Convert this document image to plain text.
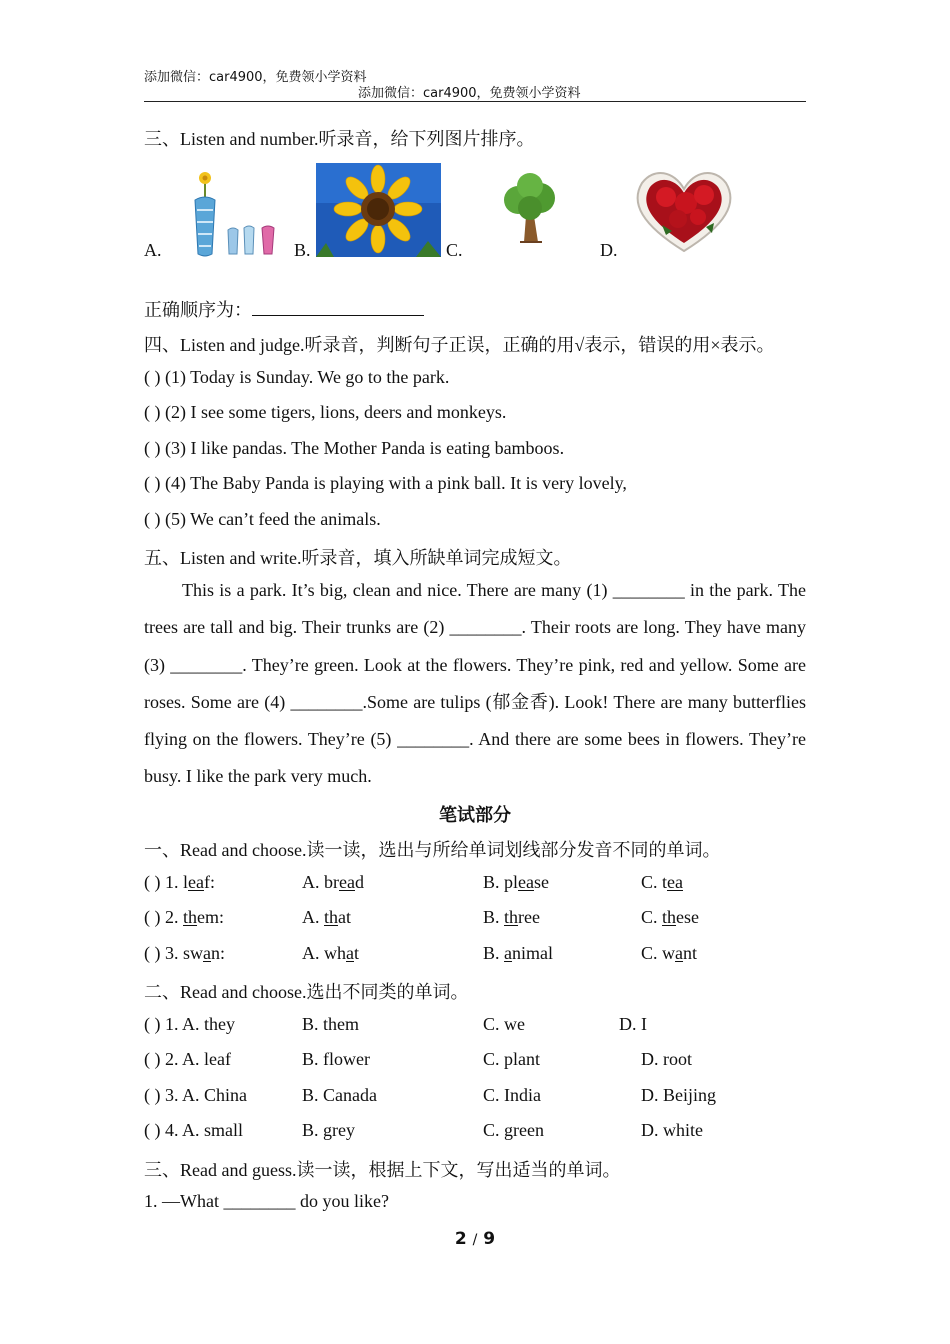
添加微信：car4900，免费领小学资料
添加微信：car4900，免费领小学资料
三、Listen and number.听录音，给下列图片排序。
A.	B.	C.	D.
正确顺序为：
四、Listen and judge.听录音，判断句子正误，正确的用√表示，错误的用×表示。
( ) (1) Today is Sunday. We go to the park.
( ) (2) I see some tigers, lions, deers and monkeys.
( ) (3) I like pandas. The Mother Panda is eating bamboos.
( ) (4) The Baby Panda is playing with a pink ball. It is very lovely,
( ) (5) We can’t feed the animals.
五、Listen and write.听录音，填入所缺单词完成短文。
This is a park. It’s big, clean and nice. There are many (1) ________ in the park. The trees are tall and big. Their trunks are (2) ________. Their roots are long. They have many (3) ________. They’re green. Look at the flowers. They’re pink, red and yellow. Some are roses. Some are (4) ________.Some are tulips (郁金香). Look! There are many butterflies flying on the flowers. They’re (5) ________. And there are some bees in flowers. They’re busy. I like the park very much.
笔试部分
一、Read and choose.读一读，选出与所给单词划线部分发音不同的单词。
( ) 1. leaf:	A. bread	B. please	C. tea
( ) 2. them:	A. that	B. three	C. these
( ) 3. swan:	A. what	B. animal	C. want
二、Read and choose.选出不同类的单词。
( ) 1. A. they	B. them	C. we	D. I
( ) 2. A. leaf	B. flower	C. plant	D. root
( ) 3. A. China	B. Canada	C. India	D. Beijing
( ) 4. A. small	B. grey	C. green	D. white
三、Read and guess.读一读，根据上下文，写出适当的单词。
1. —What ________ do you like?
2 / 9
